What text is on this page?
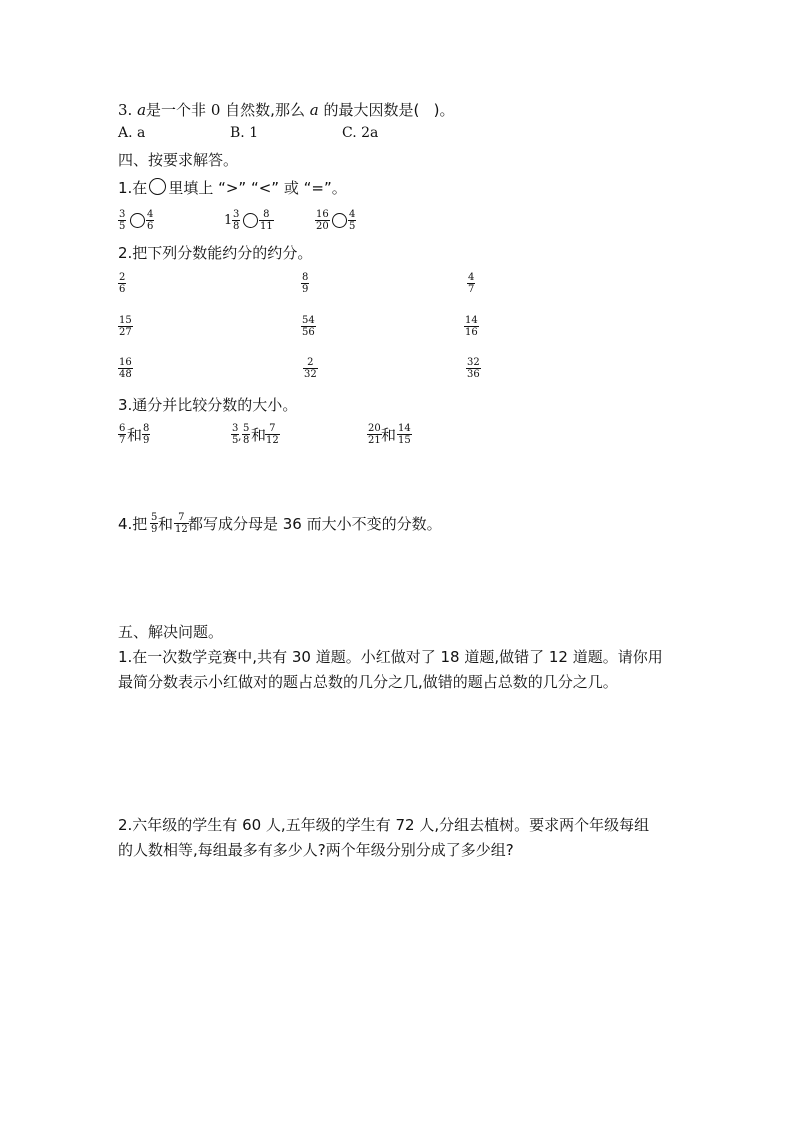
3. a是一个非 0 自然数,那么 a 的最大因数是(   )。
A. a	B. 1	C. 2a
四、按要求解答。
1.在 里填上 “>” “<” 或 “=”。
3
5
4
6	1 3
8
8
11
16
20
4
5
2.把下列分数能约分的约分。
2
6
8
9
4
7
15
27
54
56
14
16
16
48
2
32
32
36
3.通分并比较分数的大小。
6
7 和 8
9
3
5 ,
5
8 和 7
12
20
21 和 14
15
4.把 5
9 和 7
12 都写成分母是 36 而大小不变的分数。
五、解决问题。
1.在一次数学竞赛中,共有 30 道题。小红做对了 18 道题,做错了 12 道题。请你用
最简分数表示小红做对的题占总数的几分之几,做错的题占总数的几分之几。
2.六年级的学生有 60 人,五年级的学生有 72 人,分组去植树。要求两个年级每组
的人数相等,每组最多有多少人?两个年级分别分成了多少组?
